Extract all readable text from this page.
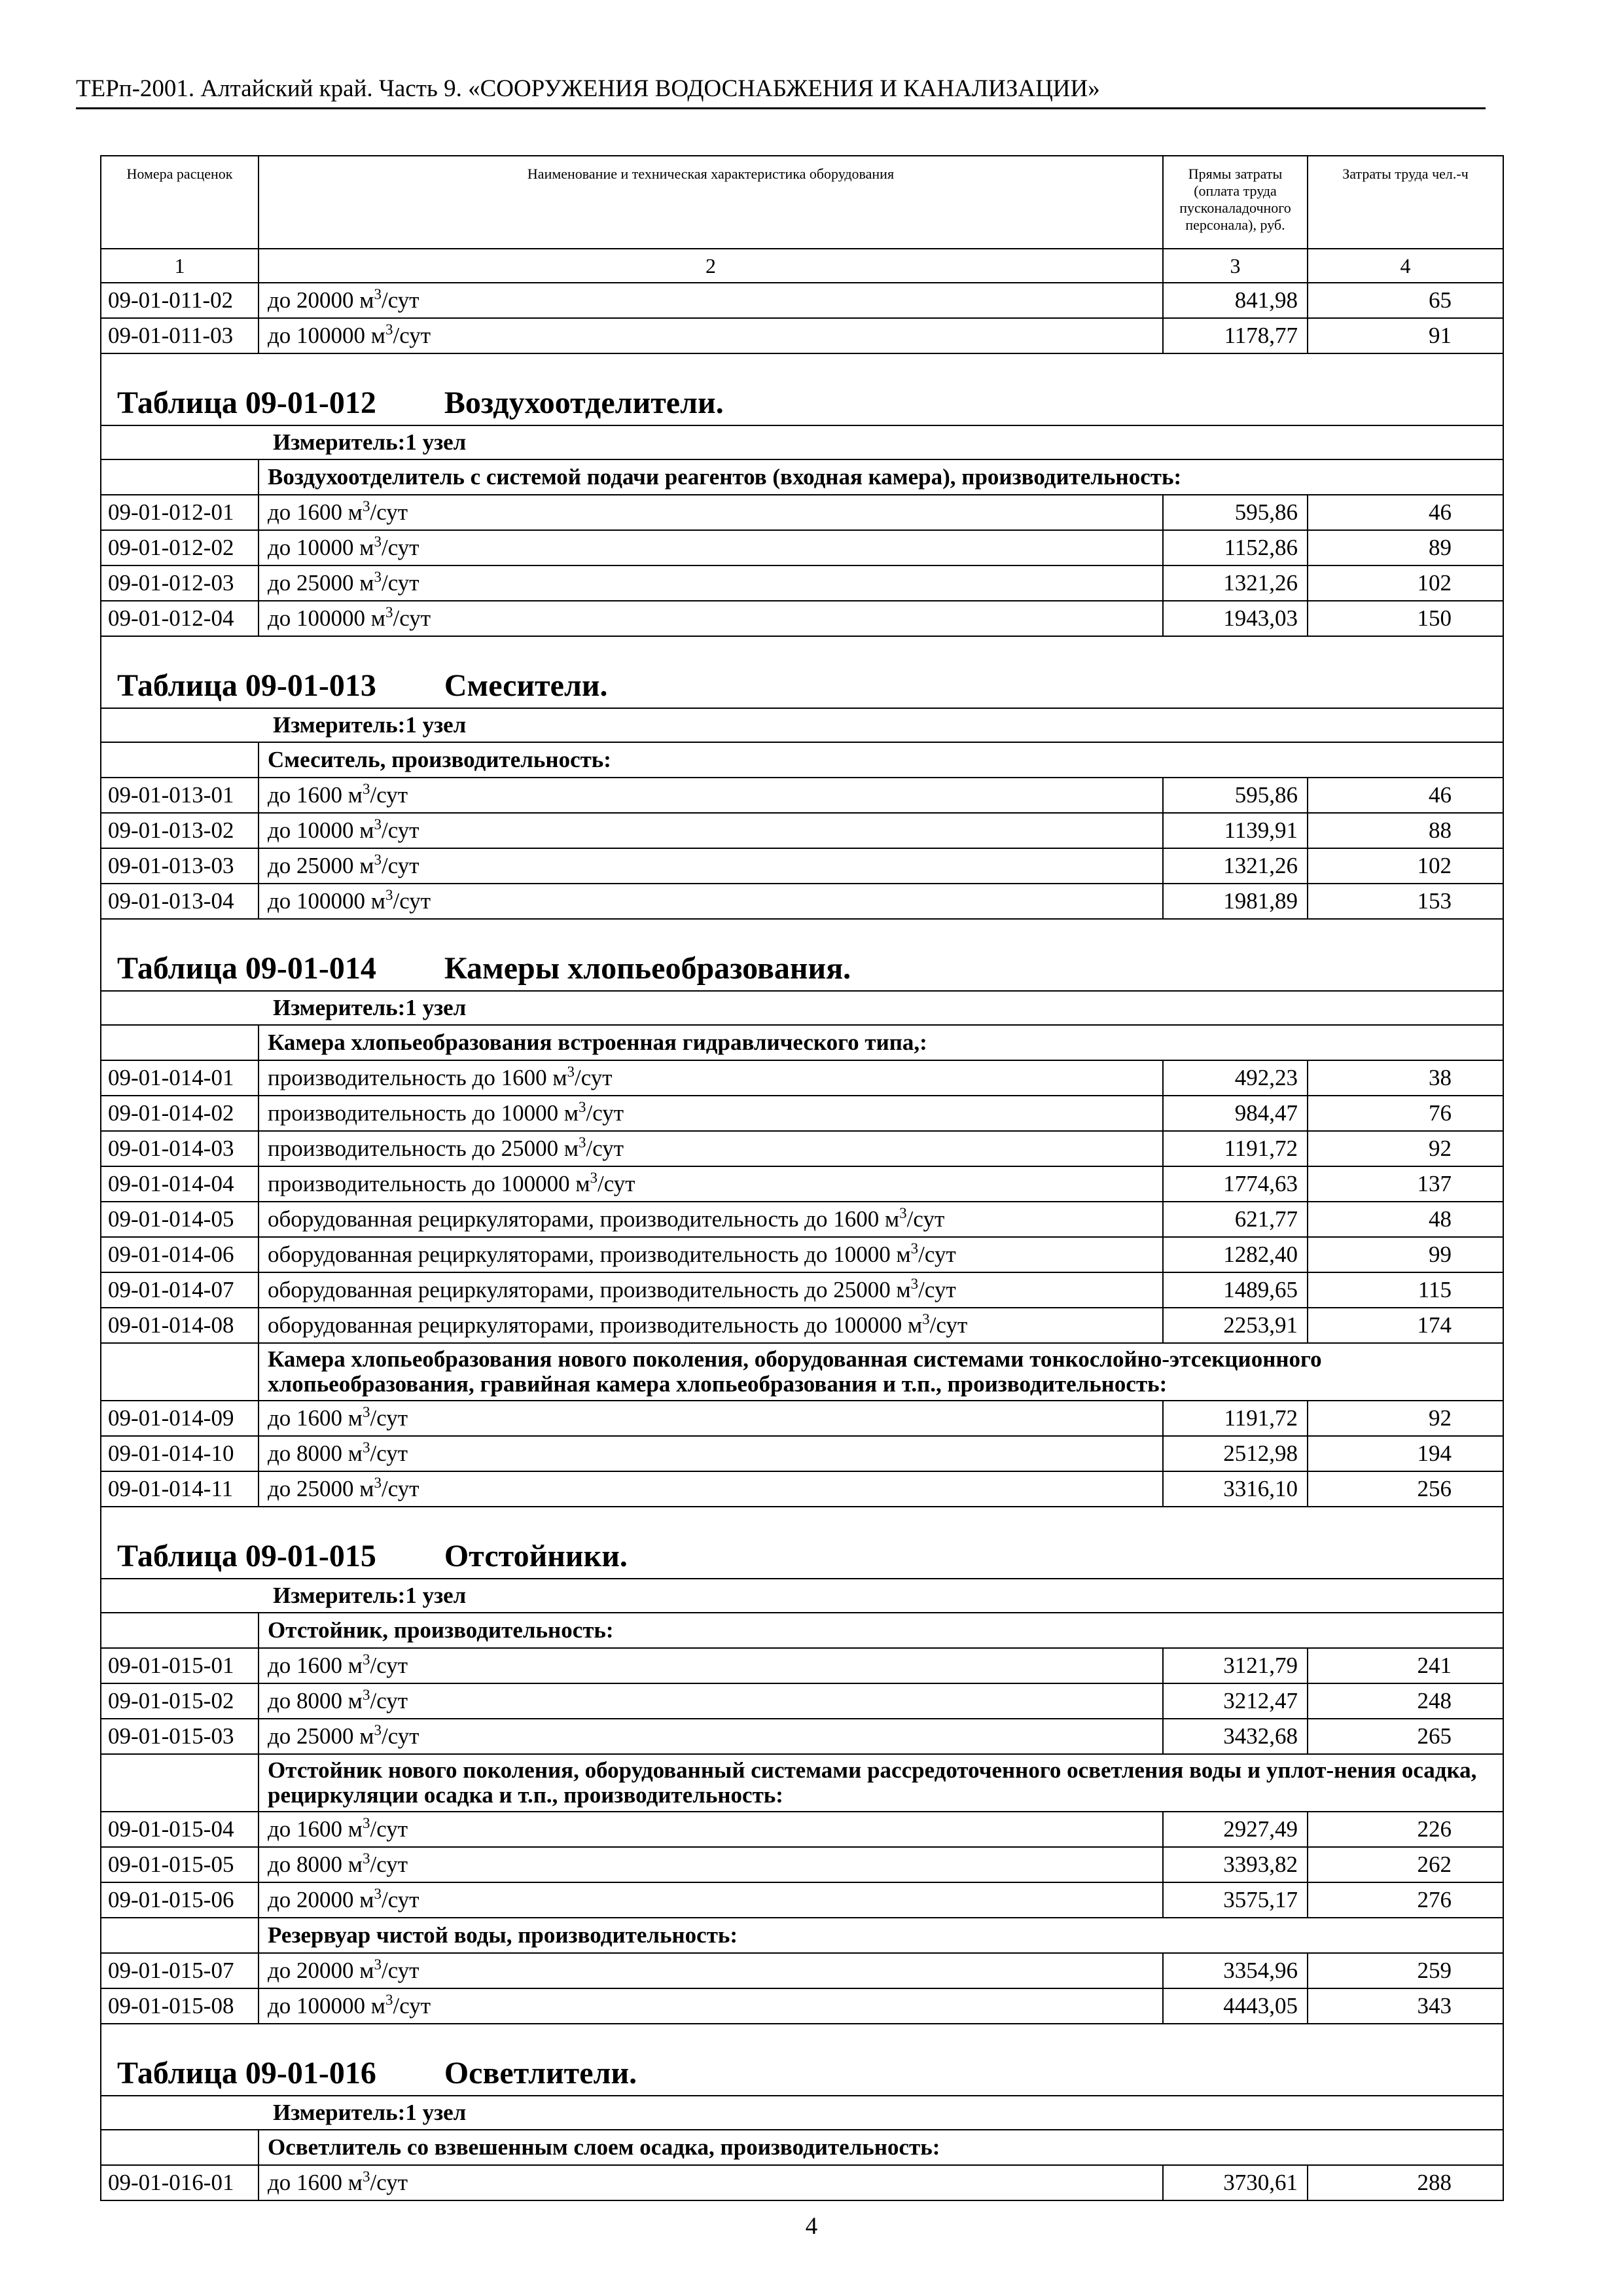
ТЕРп-2001. Алтайский край. Часть 9. «СООРУЖЕНИЯ ВОДОСНАБЖЕНИЯ И КАНАЛИЗАЦИИ»
Номера расценок	Наименование и техническая характеристика оборудования	Прямы затраты (оплата труда пусконаладочного персонала), руб.	Затраты труда чел.-ч
1	2	3	4
09-01-011-02	до 20000 м 3 /сут	841,98	65
09-01-011-03	до 100000 м 3 /сут	1178,77	91

Таблица 09-01-012 Воздухоотделители.			

Измеритель:1 узел			
	Воздухоотделитель с системой подачи реагентов (входная камера), производительность:		
09-01-012-01	до 1600 м 3 /сут	595,86	46
09-01-012-02	до 10000 м 3 /сут	1152,86	89
09-01-012-03	до 25000 м 3 /сут	1321,26	102
09-01-012-04	до 100000 м 3 /сут	1943,03	150

Таблица 09-01-013 Смесители.			

Измеритель:1 узел			
	Смеситель, производительность:		
09-01-013-01	до 1600 м 3 /сут	595,86	46
09-01-013-02	до 10000 м 3 /сут	1139,91	88
09-01-013-03	до 25000 м 3 /сут	1321,26	102
09-01-013-04	до 100000 м 3 /сут	1981,89	153

Таблица 09-01-014 Камеры хлопьеобразования.			

Измеритель:1 узел			
	Камера хлопьеобразования встроенная гидравлического типа,:		
09-01-014-01	производительность до 1600 м 3 /сут	492,23	38
09-01-014-02	производительность до 10000 м 3 /сут	984,47	76
09-01-014-03	производительность до 25000 м 3 /сут	1191,72	92
09-01-014-04	производительность до 100000 м 3 /сут	1774,63	137
09-01-014-05	оборудованная рециркуляторами, производительность до 1600 м 3 /сут	621,77	48
09-01-014-06	оборудованная рециркуляторами, производительность до 10000 м 3 /сут	1282,40	99
09-01-014-07	оборудованная рециркуляторами, производительность до 25000 м 3 /сут	1489,65	115
09-01-014-08	оборудованная рециркуляторами, производительность до 100000 м 3 /сут	2253,91	174
	Камера хлопьеобразования нового поколения, оборудованная системами тонкослойно-этсекционного хлопьеобразования, гравийная камера хлопьеобразования и т.п., производительность:		
09-01-014-09	до 1600 м 3 /сут	1191,72	92
09-01-014-10	до 8000 м 3 /сут	2512,98	194
09-01-014-11	до 25000 м 3 /сут	3316,10	256

Таблица 09-01-015 Отстойники.			

Измеритель:1 узел			
	Отстойник, производительность:		
09-01-015-01	до 1600 м 3 /сут	3121,79	241
09-01-015-02	до 8000 м 3 /сут	3212,47	248
09-01-015-03	до 25000 м 3 /сут	3432,68	265
	Отстойник нового поколения, оборудованный системами рассредоточенного осветления воды и уплот-нения осадка, рециркуляции осадка и т.п., производительность:		
09-01-015-04	до 1600 м 3 /сут	2927,49	226
09-01-015-05	до 8000 м 3 /сут	3393,82	262
09-01-015-06	до 20000 м 3 /сут	3575,17	276
	Резервуар чистой воды, производительность:		
09-01-015-07	до 20000 м 3 /сут	3354,96	259
09-01-015-08	до 100000 м 3 /сут	4443,05	343

Таблица 09-01-016 Осветлители.			

Измеритель:1 узел			
	Осветлитель со взвешенным слоем осадка, производительность:		
09-01-016-01	до 1600 м 3 /сут	3730,61	288
4
